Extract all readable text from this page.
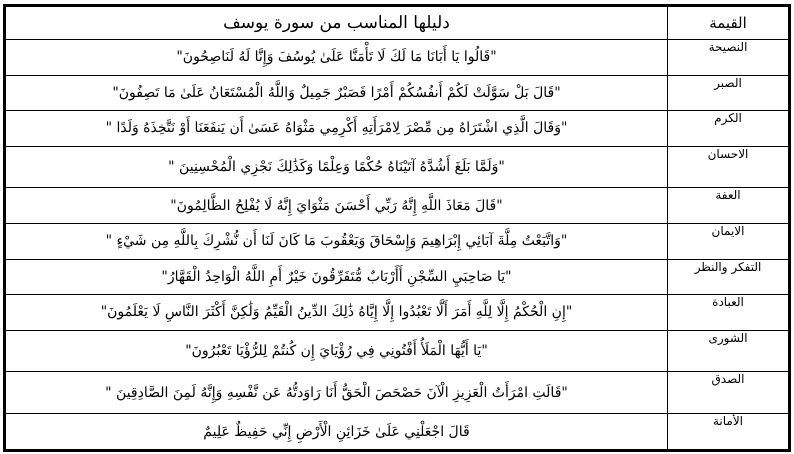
القيمة	دليلها المناسب من سورة يوسف
النصيحة	"قَالُوا يَا أَبَانَا مَا لَكَ لَا تَأْمَنَّا عَلَىٰ يُوسُفَ وَإِنَّا لَهُ لَنَاصِحُونَ"
الصبر	"قَالَ بَلْ سَوَّلَتْ لَكُمْ أَنفُسُكُمْ أَمْرًا فَصَبْرٌ جَمِيلٌ وَاللَّهُ الْمُسْتَعَانُ عَلَىٰ مَا تَصِفُونَ"
الكرم	"وَقَالَ الَّذِي اشْتَرَاهُ مِن مِّصْرَ لِامْرَأَتِهِ أَكْرِمِي مَثْوَاهُ عَسَىٰ أَن يَنفَعَنَا أَوْ نَتَّخِذَهُ وَلَدًا "
الاحسان	"وَلَمَّا بَلَغَ أَشُدَّهُ آتَيْنَاهُ حُكْمًا وَعِلْمًا وَكَذَٰلِكَ نَجْزِي الْمُحْسِنِينَ "
العفة	"قَالَ مَعَاذَ اللَّهِ إِنَّهُ رَبِّي أَحْسَنَ مَثْوَايَ إِنَّهُ لَا يُفْلِحُ الظَّالِمُونَ"
الايمان	"وَاتَّبَعْتُ مِلَّةَ آبَائِي إِبْرَاهِيمَ وَإِسْحَاقَ وَيَعْقُوبَ مَا كَانَ لَنَا أَن نُّشْرِكَ بِاللَّهِ مِن شَيْءٍ "
التفكر والنظر	"يَا صَاحِبَيِ السِّجْنِ أَأَرْبَابٌ مُّتَفَرِّقُونَ خَيْرٌ أَمِ اللَّهُ الْوَاحِدُ الْقَهَّارُ"
العبادة	"إِنِ الْحُكْمُ إِلَّا لِلَّهِ أَمَرَ أَلَّا تَعْبُدُوا إِلَّا إِيَّاهُ ذَٰلِكَ الدِّينُ الْقَيِّمُ وَلَٰكِنَّ أَكْثَرَ النَّاسِ لَا يَعْلَمُونَ"
الشورى	"يَا أَيُّهَا الْمَلَأُ أَفْتُونِي فِي رُؤْيَايَ إِن كُنتُمْ لِلرُّؤْيَا تَعْبُرُونَ"
الصدق	"قَالَتِ امْرَأَتُ الْعَزِيزِ الْآنَ حَصْحَصَ الْحَقُّ أَنَا رَاوَدتُّهُ عَن نَّفْسِهِ وَإِنَّهُ لَمِنَ الصَّادِقِينَ "
الأمانة	قَالَ اجْعَلْنِي عَلَىٰ خَزَائِنِ الْأَرْضِ إِنِّي حَفِيظٌ عَلِيمٌ
